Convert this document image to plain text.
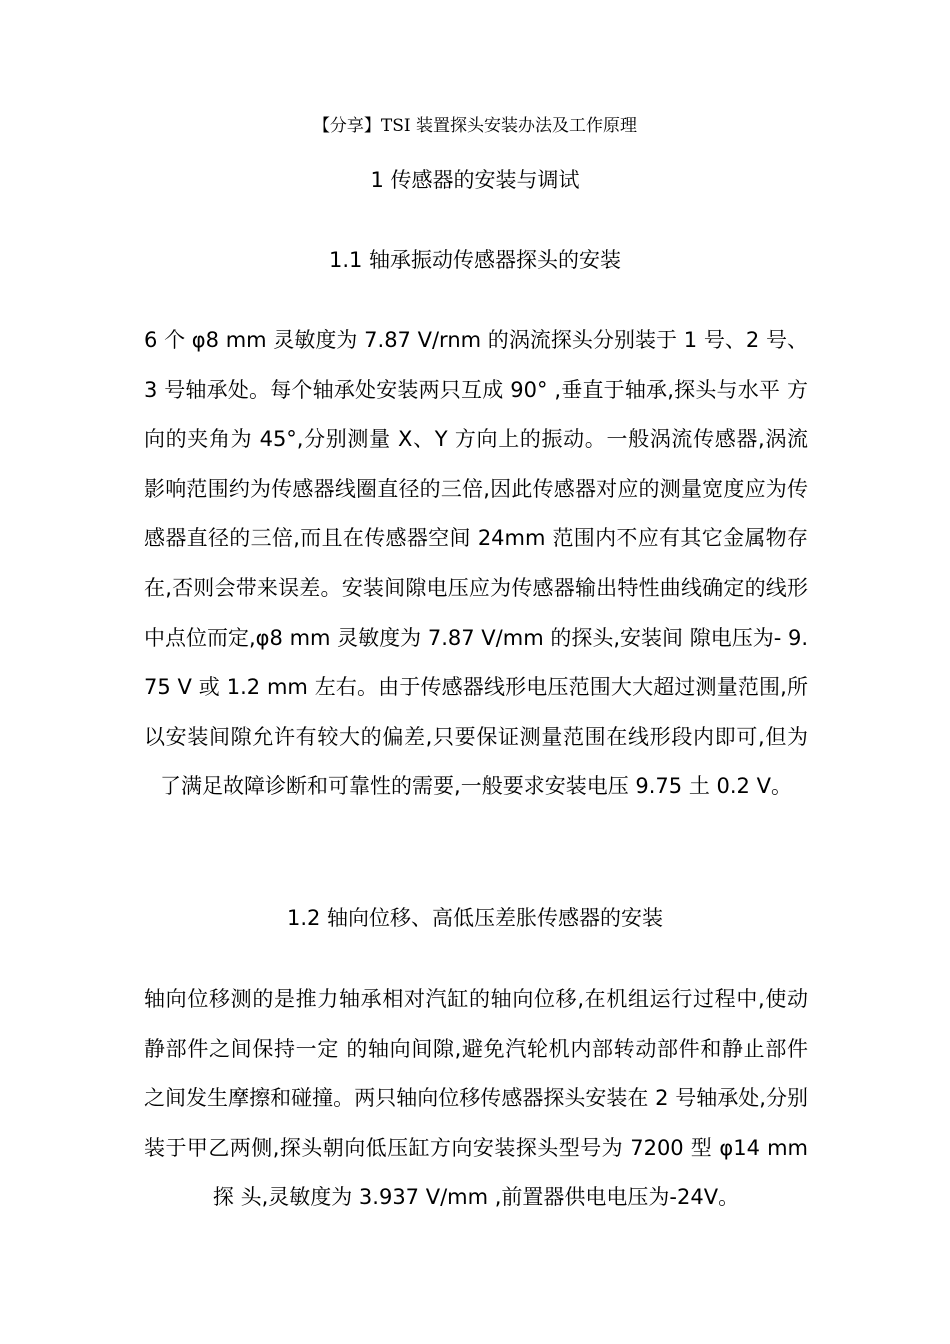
【分享】TSI 装置探头安装办法及工作原理
1 传感器的安装与调试
1.1 轴承振动传感器探头的安装

6 个 φ8 mm 灵敏度为 7.87 V/rnm 的涡流探头分别装于 1 号、2 号、3 号轴承处。每个轴承处安装两只互成 90° ,垂直于轴承,探头与水平 方向的夹角为 45°,分别测量 X、Y 方向上的振动。一般涡流传感器,涡流影响范围约为传感器线圈直径的三倍,因此传感器对应的测量宽度应为传感器直径的三倍,而且在传感器空间 24mm 范围内不应有其它金属物存在,否则会带来误差。安装间隙电压应为传感器输出特性曲线确定的线形中点位而定,φ8 mm 灵敏度为 7.87 V/mm 的探头,安装间 隙电压为- 9.75 V 或 1.2 mm 左右。由于传感器线形电压范围大大超过测量范围,所以安装间隙允许有较大的偏差,只要保证测量范围在线形段内即可,但为了满足故障诊断和可靠性的需要,一般要求安装电压 9.75 土 0.2 V。

1.2 轴向位移、高低压差胀传感器的安装

轴向位移测的是推力轴承相对汽缸的轴向位移,在机组运行过程中,使动静部件之间保持一定 的轴向间隙,避免汽轮机内部转动部件和静止部件之间发生摩擦和碰撞。两只轴向位移传感器探头安装在 2 号轴承处,分别装于甲乙两侧,探头朝向低压缸方向安装探头型号为 7200 型 φ14 mm 探 头,灵敏度为 3.937 V/mm ,前置器供电电压为-24V。
